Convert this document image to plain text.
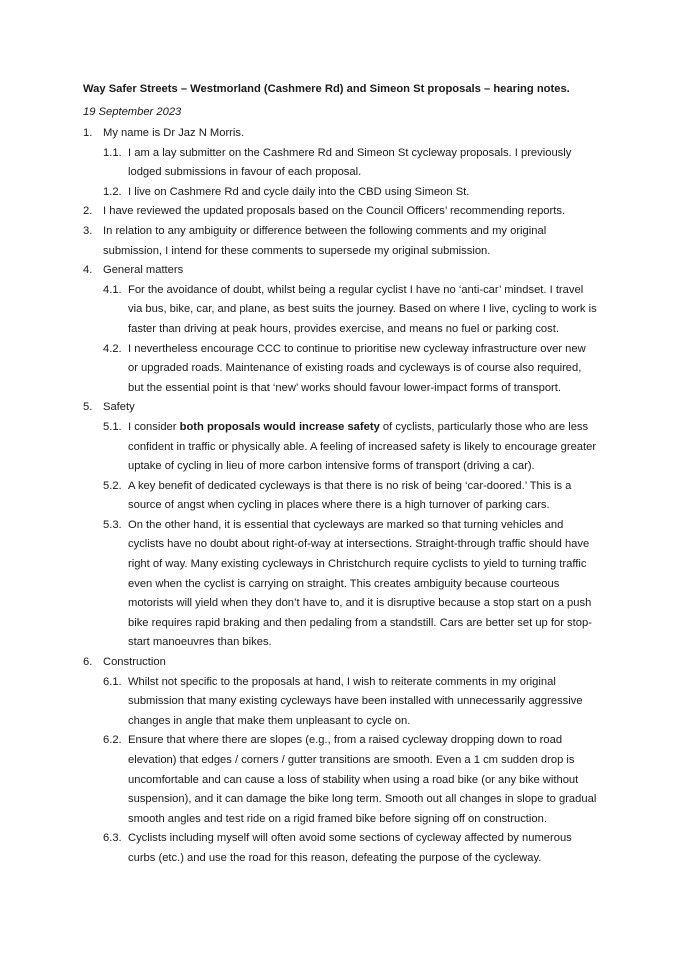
Way Safer Streets – Westmorland (Cashmere Rd) and Simeon St proposals – hearing notes.
19 September 2023
1. My name is Dr Jaz N Morris.
1.1. I am a lay submitter on the Cashmere Rd and Simeon St cycleway proposals. I previously lodged submissions in favour of each proposal.
1.2. I live on Cashmere Rd and cycle daily into the CBD using Simeon St.
2. I have reviewed the updated proposals based on the Council Officers’ recommending reports.
3. In relation to any ambiguity or difference between the following comments and my original submission, I intend for these comments to supersede my original submission.
4. General matters
4.1. For the avoidance of doubt, whilst being a regular cyclist I have no ‘anti-car’ mindset. I travel via bus, bike, car, and plane, as best suits the journey. Based on where I live, cycling to work is faster than driving at peak hours, provides exercise, and means no fuel or parking cost.
4.2. I nevertheless encourage CCC to continue to prioritise new cycleway infrastructure over new or upgraded roads. Maintenance of existing roads and cycleways is of course also required, but the essential point is that ‘new’ works should favour lower-impact forms of transport.
5. Safety
5.1. I consider both proposals would increase safety of cyclists, particularly those who are less confident in traffic or physically able. A feeling of increased safety is likely to encourage greater uptake of cycling in lieu of more carbon intensive forms of transport (driving a car).
5.2. A key benefit of dedicated cycleways is that there is no risk of being ‘car-doored.’ This is a source of angst when cycling in places where there is a high turnover of parking cars.
5.3. On the other hand, it is essential that cycleways are marked so that turning vehicles and cyclists have no doubt about right-of-way at intersections. Straight-through traffic should have right of way. Many existing cycleways in Christchurch require cyclists to yield to turning traffic even when the cyclist is carrying on straight. This creates ambiguity because courteous motorists will yield when they don’t have to, and it is disruptive because a stop start on a push bike requires rapid braking and then pedaling from a standstill. Cars are better set up for stop-start manoeuvres than bikes.
6. Construction
6.1. Whilst not specific to the proposals at hand, I wish to reiterate comments in my original submission that many existing cycleways have been installed with unnecessarily aggressive changes in angle that make them unpleasant to cycle on.
6.2. Ensure that where there are slopes (e.g., from a raised cycleway dropping down to road elevation) that edges / corners / gutter transitions are smooth. Even a 1 cm sudden drop is uncomfortable and can cause a loss of stability when using a road bike (or any bike without suspension), and it can damage the bike long term. Smooth out all changes in slope to gradual smooth angles and test ride on a rigid framed bike before signing off on construction.
6.3. Cyclists including myself will often avoid some sections of cycleway affected by numerous curbs (etc.) and use the road for this reason, defeating the purpose of the cycleway.
